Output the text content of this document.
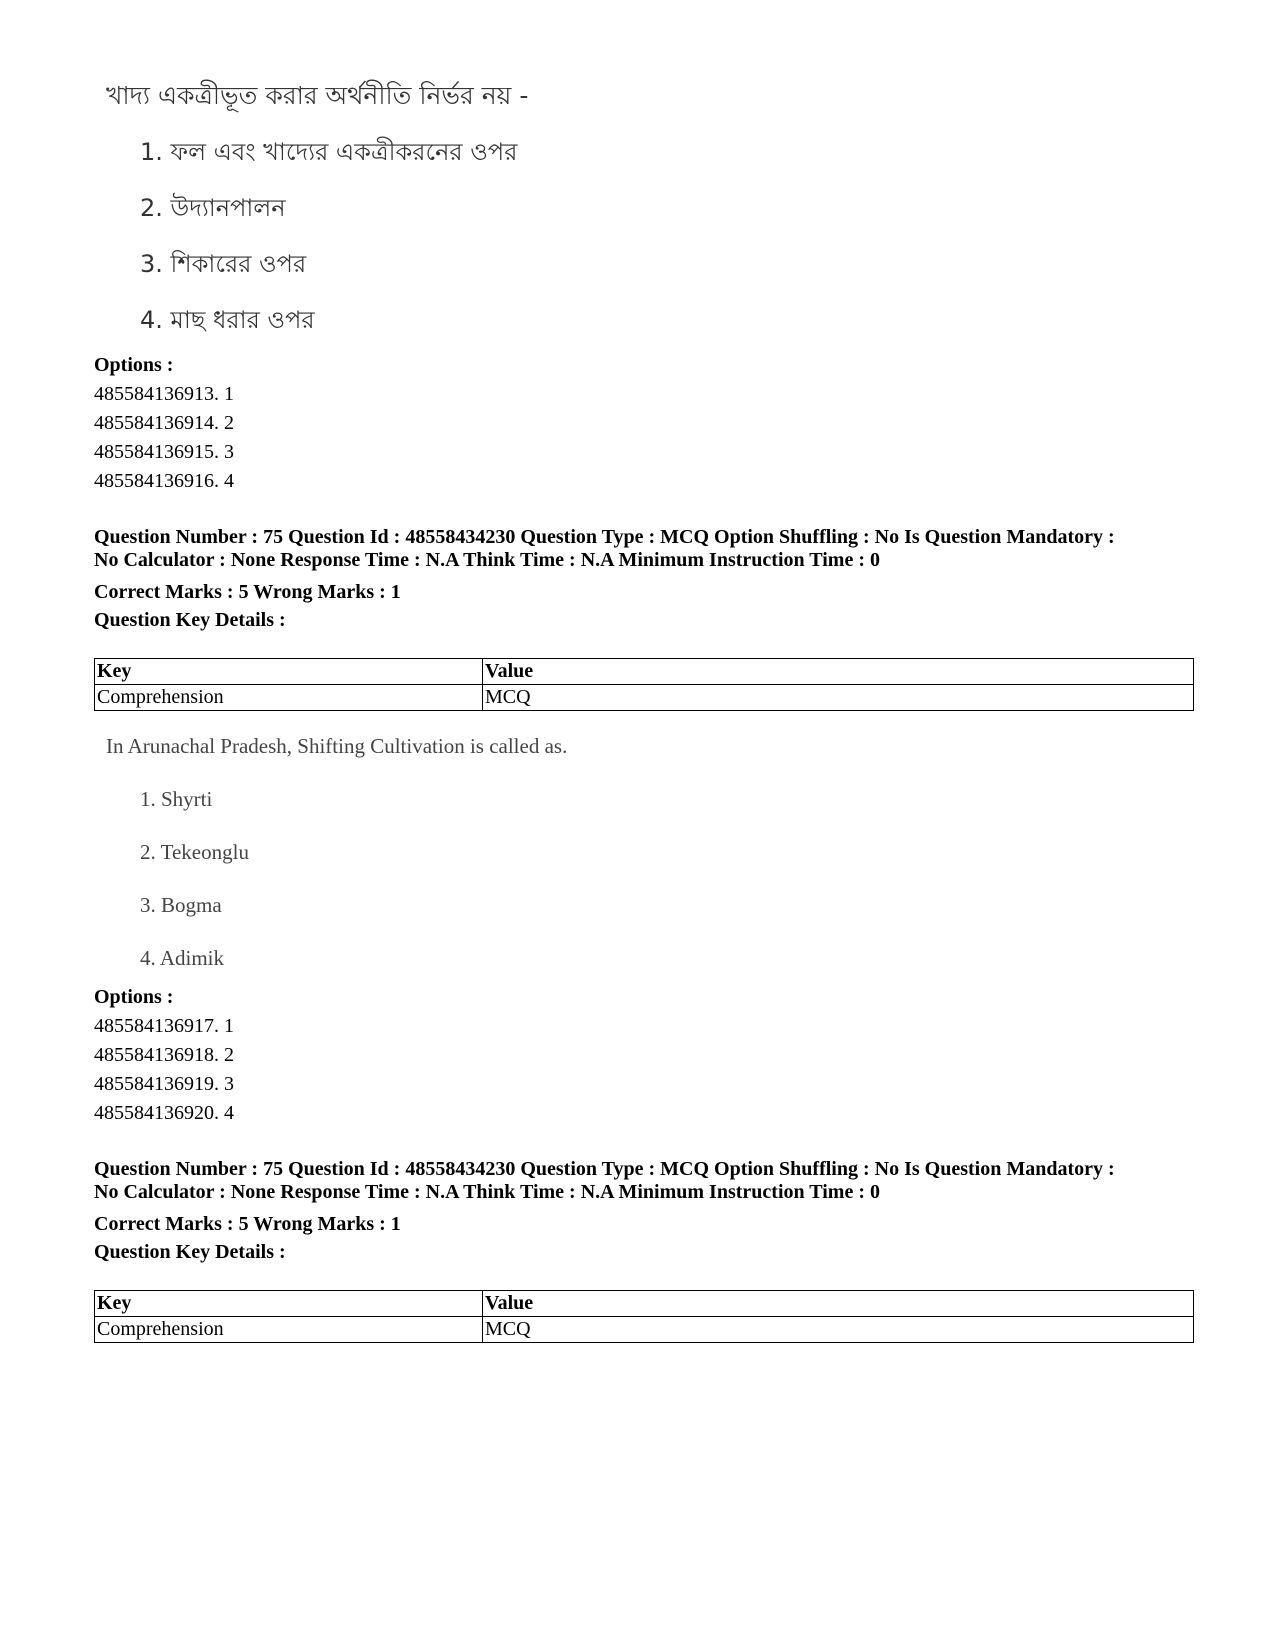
খাদ্য একত্রীভূত করার অর্থনীতি নির্ভর নয় -

1. ফল এবং খাদ্যের একত্রীকরনের ওপর

2. উদ্যানপালন

3. শিকারের ওপর

4. মাছ ধরার ওপর

Options :
485584136913. 1
485584136914. 2
485584136915. 3
485584136916. 4
Question Number : 75 Question Id : 48558434230 Question Type : MCQ Option Shuffling : No Is Question Mandatory :
No Calculator : None Response Time : N.A Think Time : N.A Minimum Instruction Time : 0
Correct Marks : 5 Wrong Marks : 1
Question Key Details :
Key	Value
Comprehension	MCQ

In Arunachal Pradesh, Shifting Cultivation is called as.

1. Shyrti

2. Tekeonglu

3. Bogma

4. Adimik

Options :
485584136917. 1
485584136918. 2
485584136919. 3
485584136920. 4
Question Number : 75 Question Id : 48558434230 Question Type : MCQ Option Shuffling : No Is Question Mandatory :
No Calculator : None Response Time : N.A Think Time : N.A Minimum Instruction Time : 0
Correct Marks : 5 Wrong Marks : 1
Question Key Details :
Key	Value
Comprehension	MCQ
